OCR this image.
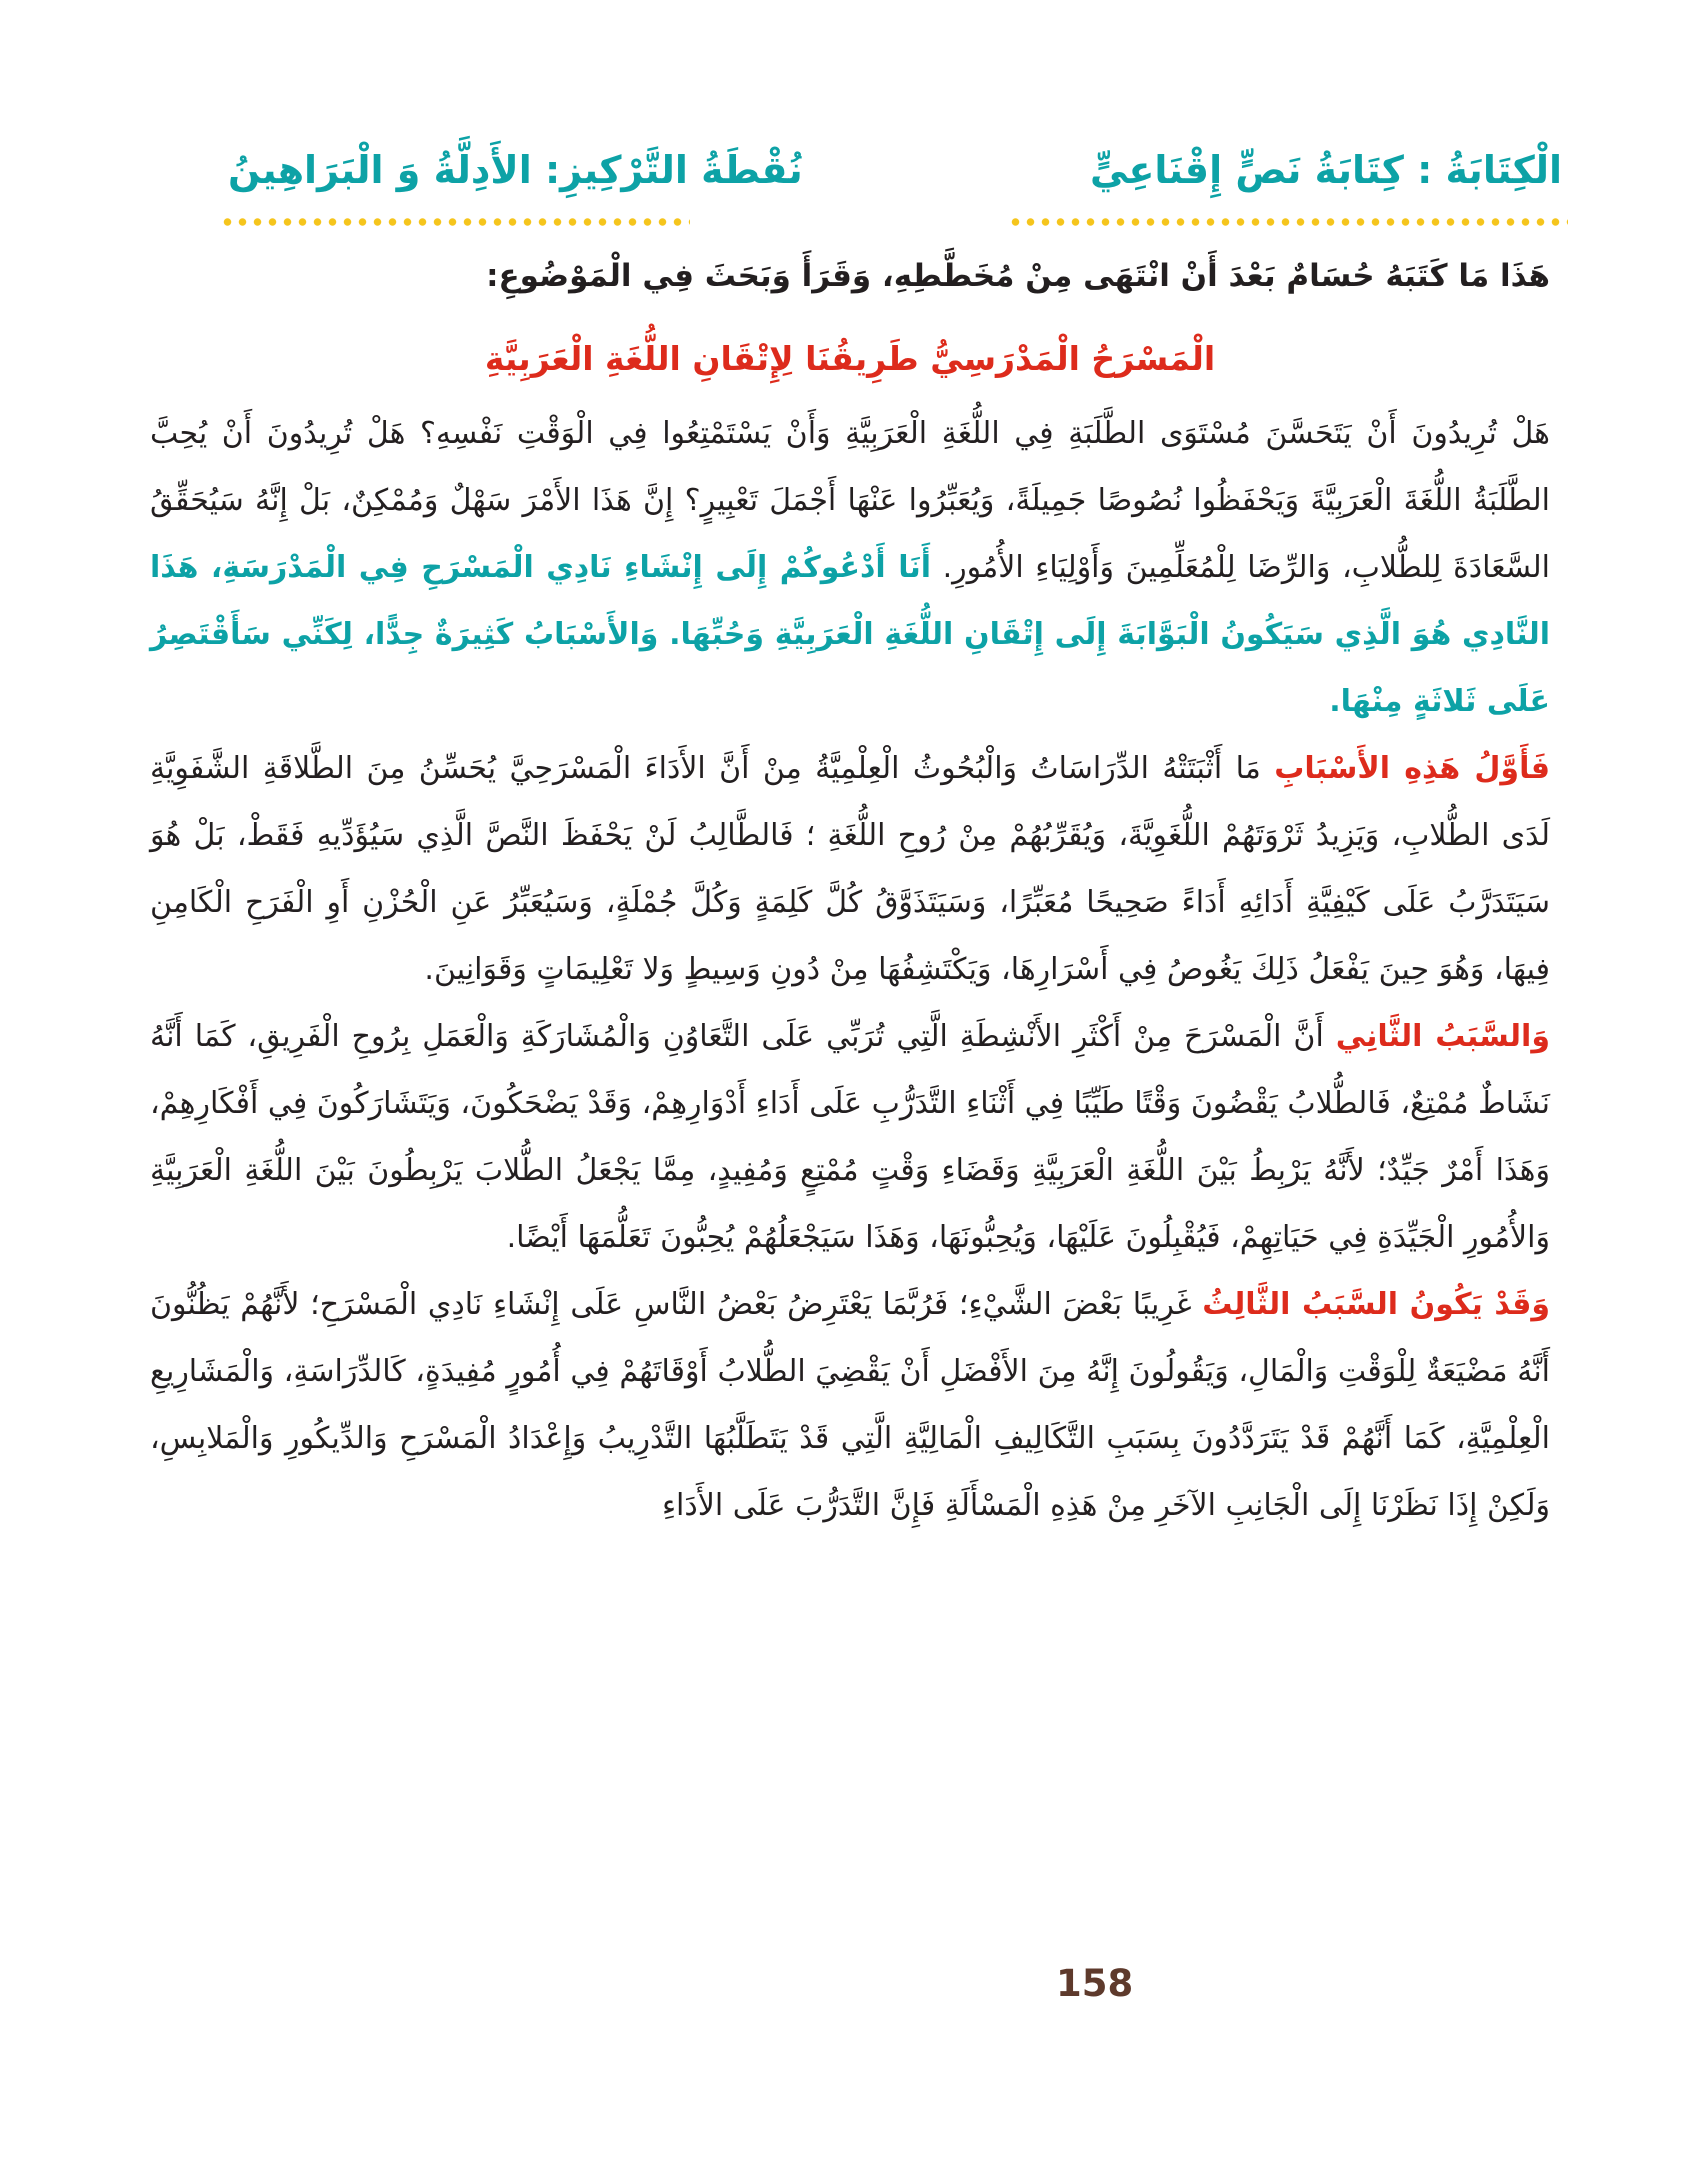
الْكِتَابَةُ : كِتَابَةُ نَصٍّ إِقْنَاعِيٍّ
نُقْطَةُ التَّرْكِيزِ: الأَدِلَّةُ وَ الْبَرَاهِينُ
هَذَا مَا كَتَبَهُ حُسَامٌ بَعْدَ أَنْ انْتَهَى مِنْ مُخَطَّطِهِ، وَقَرَأَ وَبَحَثَ فِي الْمَوْضُوعِ:
الْمَسْرَحُ الْمَدْرَسِيُّ طَرِيقُنَا لِإِتْقَانِ اللُّغَةِ الْعَرَبِيَّةِ

هَلْ تُرِيدُونَ أَنْ يَتَحَسَّنَ مُسْتَوَى الطَّلَبَةِ فِي اللُّغَةِ الْعَرَبِيَّةِ وَأَنْ يَسْتَمْتِعُوا فِي الْوَقْتِ نَفْسِهِ؟ هَلْ تُرِيدُونَ أَنْ يُحِبَّ الطَّلَبَةُ اللُّغَةَ الْعَرَبِيَّةَ وَيَحْفَظُوا نُصُوصًا جَمِيلَةً، وَيُعَبِّرُوا عَنْهَا أَجْمَلَ تَعْبِيرٍ؟ إِنَّ هَذَا الأَمْرَ سَهْلٌ وَمُمْكِنٌ، بَلْ إِنَّهُ سَيُحَقِّقُ السَّعَادَةَ لِلطُّلابِ، وَالرِّضَا لِلْمُعَلِّمِينَ وَأَوْلِيَاءِ الأُمُورِ. أَنَا أَدْعُوكُمْ إِلَى إِنْشَاءِ نَادِي الْمَسْرَحِ فِي الْمَدْرَسَةِ، هَذَا النَّادِي هُوَ الَّذِي سَيَكُونُ الْبَوَّابَةَ إِلَى إِتْقَانِ اللُّغَةِ الْعَرَبِيَّةِ وَحُبِّهَا. وَالأَسْبَابُ كَثِيرَةٌ جِدًّا، لِكَنِّي سَأَقْتَصِرُ عَلَى ثَلاثَةٍ مِنْهَا.

فَأَوَّلُ هَذِهِ الأَسْبَابِ مَا أَثْبَتَتْهُ الدِّرَاسَاتُ وَالْبُحُوثُ الْعِلْمِيَّةُ مِنْ أَنَّ الأَدَاءَ الْمَسْرَحِيَّ يُحَسِّنُ مِنَ الطَّلاقَةِ الشَّفَوِيَّةِ لَدَى الطُّلابِ، وَيَزِيدُ ثَرْوَتَهُمْ اللُّغَوِيَّةَ، وَيُقَرِّبُهُمْ مِنْ رُوحِ اللُّغَةِ ؛ فَالطَّالِبُ لَنْ يَحْفَظَ النَّصَّ الَّذِي سَيُؤَدِّيهِ فَقَطْ، بَلْ هُوَ سَيَتَدَرَّبُ عَلَى كَيْفِيَّةِ أَدَائِهِ أَدَاءً صَحِيحًا مُعَبِّرًا، وَسَيَتَذَوَّقُ كُلَّ كَلِمَةٍ وَكُلَّ جُمْلَةٍ، وَسَيُعَبِّرُ عَنِ الْحُزْنِ أَوِ الْفَرَحِ الْكَامِنِ فِيهَا، وَهُوَ حِينَ يَفْعَلُ ذَلِكَ يَغُوصُ فِي أَسْرَارِهَا، وَيَكْتَشِفُهَا مِنْ دُونِ وَسِيطٍ وَلا تَعْلِيمَاتٍ وَقَوَانِينَ.

وَالسَّبَبُ الثَّانِي أَنَّ الْمَسْرَحَ مِنْ أَكْثَرِ الأَنْشِطَةِ الَّتِي تُرَبِّي عَلَى التَّعَاوُنِ وَالْمُشَارَكَةِ وَالْعَمَلِ بِرُوحِ الْفَرِيقِ، كَمَا أَنَّهُ نَشَاطٌ مُمْتِعٌ، فَالطُّلابُ يَقْضُونَ وَقْتًا طَيِّبًا فِي أَثْنَاءِ التَّدَرُّبِ عَلَى أَدَاءِ أَدْوَارِهِمْ، وَقَدْ يَضْحَكُونَ، وَيَتَشَارَكُونَ فِي أَفْكَارِهِمْ، وَهَذَا أَمْرٌ جَيِّدٌ؛ لأَنَّهُ يَرْبِطُ بَيْنَ اللُّغَةِ الْعَرَبِيَّةِ وَقَضَاءِ وَقْتٍ مُمْتِعٍ وَمُفِيدٍ، مِمَّا يَجْعَلُ الطُّلابَ يَرْبِطُونَ بَيْنَ اللُّغَةِ الْعَرَبِيَّةِ وَالأُمُورِ الْجَيِّدَةِ فِي حَيَاتِهِمْ، فَيُقْبِلُونَ عَلَيْهَا، وَيُحِبُّونَهَا، وَهَذَا سَيَجْعَلُهُمْ يُحِبُّونَ تَعَلُّمَهَا أَيْضًا.

وَقَدْ يَكُونُ السَّبَبُ الثَّالِثُ غَرِيبًا بَعْضَ الشَّيْءِ؛ فَرُبَّمَا يَعْتَرِضُ بَعْضُ النَّاسِ عَلَى إِنْشَاءِ نَادِي الْمَسْرَحِ؛ لأَنَّهُمْ يَظُنُّونَ أَنَّهُ مَضْيَعَةٌ لِلْوَقْتِ وَالْمَالِ، وَيَقُولُونَ إِنَّهُ مِنَ الأَفْضَلِ أَنْ يَقْضِيَ الطُّلابُ أَوْقَاتَهُمْ فِي أُمُورٍ مُفِيدَةٍ، كَالدِّرَاسَةِ، وَالْمَشَارِيعِ الْعِلْمِيَّةِ، كَمَا أَنَّهُمْ قَدْ يَتَرَدَّدُونَ بِسَبَبِ التَّكَالِيفِ الْمَالِيَّةِ الَّتِي قَدْ يَتَطَلَّبُهَا التَّدْرِيبُ وَإِعْدَادُ الْمَسْرَحِ وَالدِّيكُورِ وَالْمَلابِسِ، وَلَكِنْ إِذَا نَظَرْنَا إِلَى الْجَانِبِ الآخَرِ مِنْ هَذِهِ الْمَسْأَلَةِ فَإِنَّ التَّدَرُّبَ عَلَى الأَدَاءِ

158
